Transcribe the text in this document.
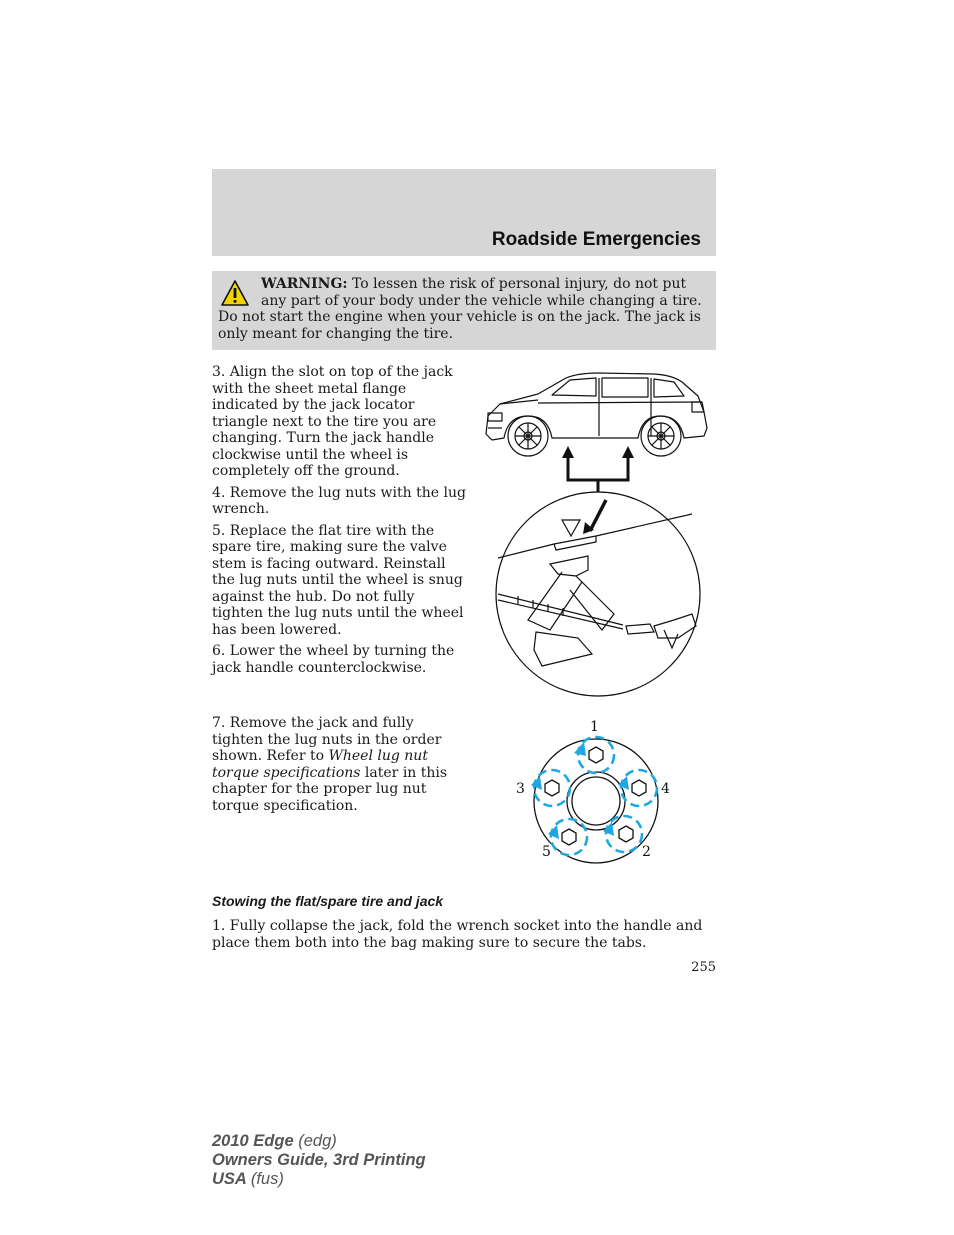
Roadside Emergencies

WARNING: To lessen the risk of personal injury, do not put any part of your body under the vehicle while changing a tire. Do not start the engine when your vehicle is on the jack. The jack is only meant for changing the tire.

3. Align the slot on top of the jack with the sheet metal flange indicated by the jack locator triangle next to the tire you are changing. Turn the jack handle clockwise until the wheel is completely off the ground.

4. Remove the lug nuts with the lug wrench.

5. Replace the flat tire with the spare tire, making sure the valve stem is facing outward. Reinstall the lug nuts until the wheel is snug against the hub. Do not fully tighten the lug nuts until the wheel has been lowered.

6. Lower the wheel by turning the jack handle counterclockwise.

7. Remove the jack and fully tighten the lug nuts in the order shown. Refer to Wheel lug nut torque specifications later in this chapter for the proper lug nut torque specification.

1
2
3	4
5
Stowing the flat/spare tire and jack

1. Fully collapse the jack, fold the wrench socket into the handle and place them both into the bag making sure to secure the tabs.

255

2010 Edge (edg)
Owners Guide, 3rd Printing
USA (fus)
